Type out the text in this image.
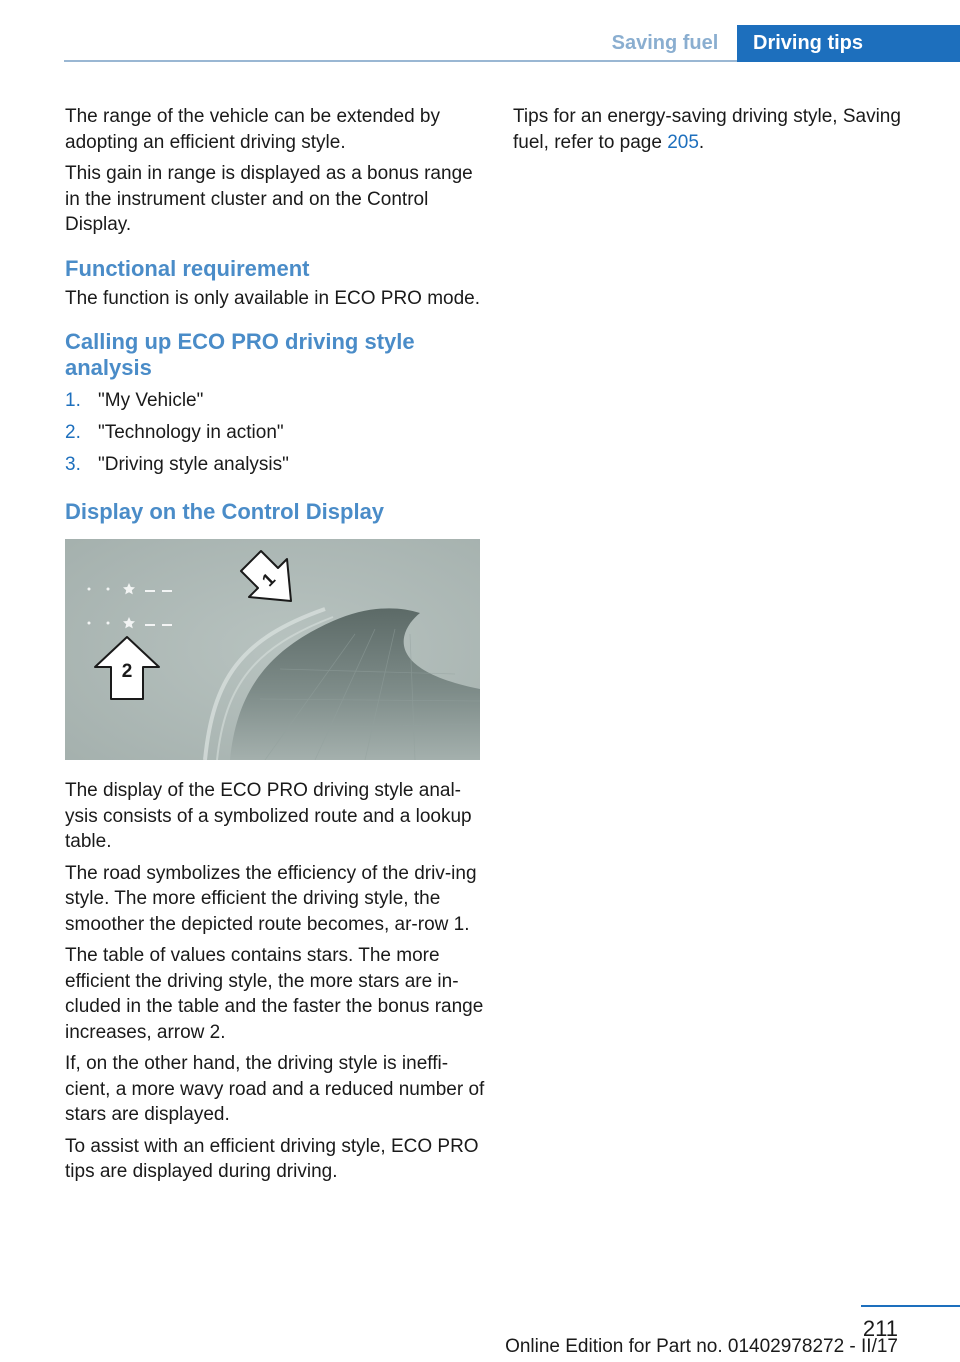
Saving fuel	Driving tips

The range of the vehicle can be extended by adopting an efficient driving style.

This gain in range is displayed as a bonus range in the instrument cluster and on the Control Display.

Functional requirement

The function is only available in ECO PRO mode.

Calling up ECO PRO driving style analysis
1. "My Vehicle"
2. "Technology in action"
3. "Driving style analysis"
Display on the Control Display
1
2

The display of the ECO PRO driving style anal‐ysis consists of a symbolized route and a lookup table.

The road symbolizes the efficiency of the driv‐ing style. The more efficient the driving style, the smoother the depicted route becomes, ar‐row 1.

The table of values contains stars. The more efficient the driving style, the more stars are in‐cluded in the table and the faster the bonus range increases, arrow 2.

If, on the other hand, the driving style is ineffi‐cient, a more wavy road and a reduced number of stars are displayed.

To assist with an efficient driving style, ECO PRO tips are displayed during driving.

Tips for an energy-saving driving style, Saving fuel, refer to page 205.

211
Online Edition for Part no. 01402978272 - II/17
